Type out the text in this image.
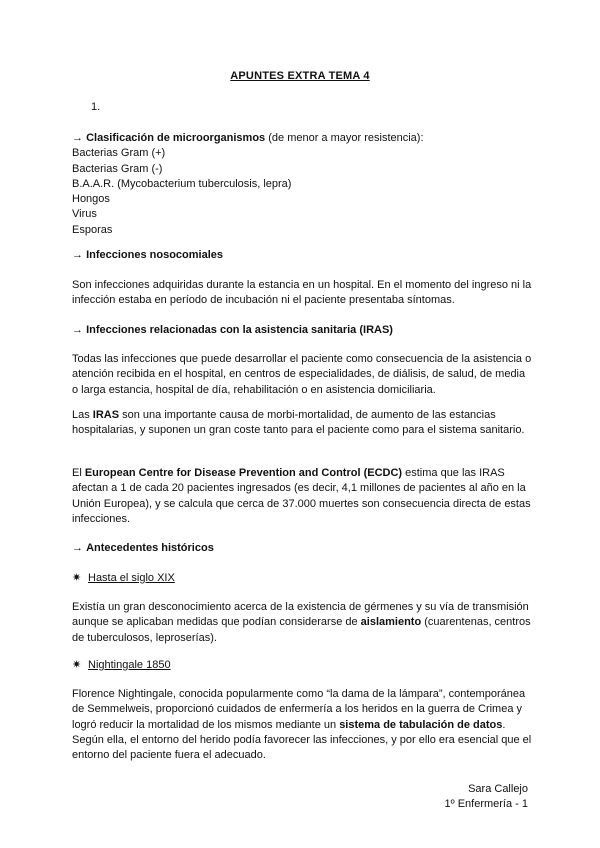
APUNTES EXTRA TEMA 4
1.

→ Clasificación de microorganismos (de menor a mayor resistencia):

Bacterias Gram (+)

Bacterias Gram (-)

B.A.A.R. (Mycobacterium tuberculosis, lepra)

Hongos

Virus

Esporas

→ Infecciones nosocomiales

Son infecciones adquiridas durante la estancia en un hospital. En el momento del ingreso ni la infección estaba en período de incubación ni el paciente presentaba síntomas.

→ Infecciones relacionadas con la asistencia sanitaria (IRAS)

Todas las infecciones que puede desarrollar el paciente como consecuencia de la asistencia o atención recibida en el hospital, en centros de especialidades, de diálisis, de salud, de media o larga estancia, hospital de día, rehabilitación o en asistencia domiciliaria.

Las IRAS son una importante causa de morbi-mortalidad, de aumento de las estancias hospitalarias, y suponen un gran coste tanto para el paciente como para el sistema sanitario.

El European Centre for Disease Prevention and Control (ECDC) estima que las IRAS afectan a 1 de cada 20 pacientes ingresados (es decir, 4,1 millones de pacientes al año en la Unión Europea), y se calcula que cerca de 37.000 muertes son consecuencia directa de estas infecciones.

→ Antecedentes históricos

✷ Hasta el siglo XIX

Existía un gran desconocimiento acerca de la existencia de gérmenes y su vía de transmisión aunque se aplicaban medidas que podían considerarse de aislamiento (cuarentenas, centros de tuberculosos, leproserías).

✷ Nightingale 1850

Florence Nightingale, conocida popularmente como “la dama de la lámpara”, contemporánea de Semmelweis, proporcionó cuidados de enfermería a los heridos en la guerra de Crimea y logró reducir la mortalidad de los mismos mediante un sistema de tabulación de datos. Según ella, el entorno del herido podía favorecer las infecciones, y por ello era esencial que el entorno del paciente fuera el adecuado.

Sara Callejo

1º Enfermería - 1
